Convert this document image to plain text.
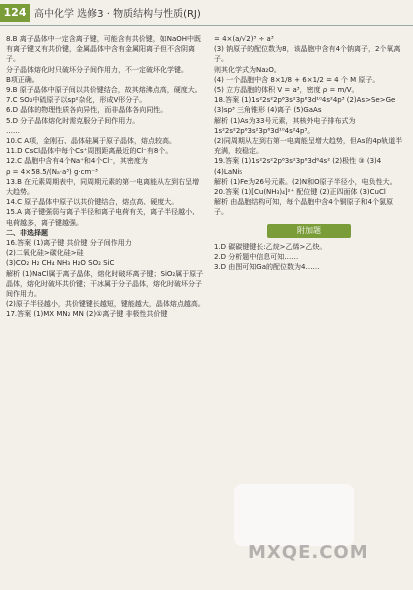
124 高中化学 选修3 · 物质结构与性质(RJ)

8.B 离子晶体中一定含离子键，可能含有共价键，如NaOH中既有离子键又有共价键，金属晶体中含有金属阳离子但不含阴离子。

分子晶体熔化时只破坏分子间作用力，不一定破坏化学键。

B项正确。

9.B 原子晶体中原子间以共价键结合，故其熔沸点高，硬度大。

7.C SO₂中硫原子以sp²杂化，形成V形分子。

6.D 晶体的物理性质各向异性，而非晶体各向同性。

5.D 分子晶体熔化时需克服分子间作用力。

……

10.C A项，金刚石、晶体硅属于原子晶体，熔点较高。

11.D CsCl晶体中每个Cs⁺周围距离最近的Cl⁻有8个。

12.C 晶胞中含有4个Na⁺和4个Cl⁻，其密度为

ρ = 4×58.5/(Nₐ·a³) g·cm⁻³

13.B 在元素周期表中，同周期元素的第一电离能从左到右呈增大趋势。

14.C 原子晶体中原子以共价键结合，熔点高、硬度大。

15.A 离子键强弱与离子半径和离子电荷有关，离子半径越小、电荷越多，离子键越强。

二、非选择题

16.答案 (1)离子键 共价键 分子间作用力

(2)二氧化硅>碳化硅>硅

(3)CO₂ H₂ CH₄ NH₃ H₂O SO₂ SiC

解析 (1)NaCl属于离子晶体，熔化时破坏离子键；SiO₂属于原子晶体，熔化时破坏共价键；干冰属于分子晶体，熔化时破坏分子间作用力。

(2)原子半径越小，共价键键长越短，键能越大，晶体熔点越高。

17.答案 (1)MX MN₂ MN (2)①离子键 非极性共价键

= 4×(a/√2)³ ÷ a³

(3) 钠原子的配位数为8，该晶胞中含有4个钠离子，2个氧离子。

则其化学式为Na₂O。

(4) 一个晶胞中含 8×1/8 + 6×1/2 = 4 个 M 原子。

(5) 立方晶胞的体积 V = a³，密度 ρ = m/V。

18.答案 (1)1s²2s²2p⁶3s²3p⁶3d¹⁰4s²4p³ (2)As>Se>Ge

(3)sp³ 三角锥形 (4)离子 (5)GaAs

解析 (1)As为33号元素，其核外电子排布式为1s²2s²2p⁶3s²3p⁶3d¹⁰4s²4p³。

(2)同周期从左到右第一电离能呈增大趋势，但As的4p轨道半充满，较稳定。

19.答案 (1)1s²2s²2p⁶3s²3p⁶3d⁶4s² (2)极性 ③ (3)4 (4)LaNi₅

解析 (1)Fe为26号元素。(2)N和O原子半径小，电负性大。

20.答案 (1)[Cu(NH₃)₄]²⁺ 配位键 (2)正四面体 (3)CuCl

解析 由晶胞结构可知，每个晶胞中含4个铜原子和4个氯原子。

附加题

1.D 碳碳键键长:乙烷>乙烯>乙炔。

2.D 分析题中信息可知……

3.D 由图可知Ga的配位数为4……

MXQE.COM
